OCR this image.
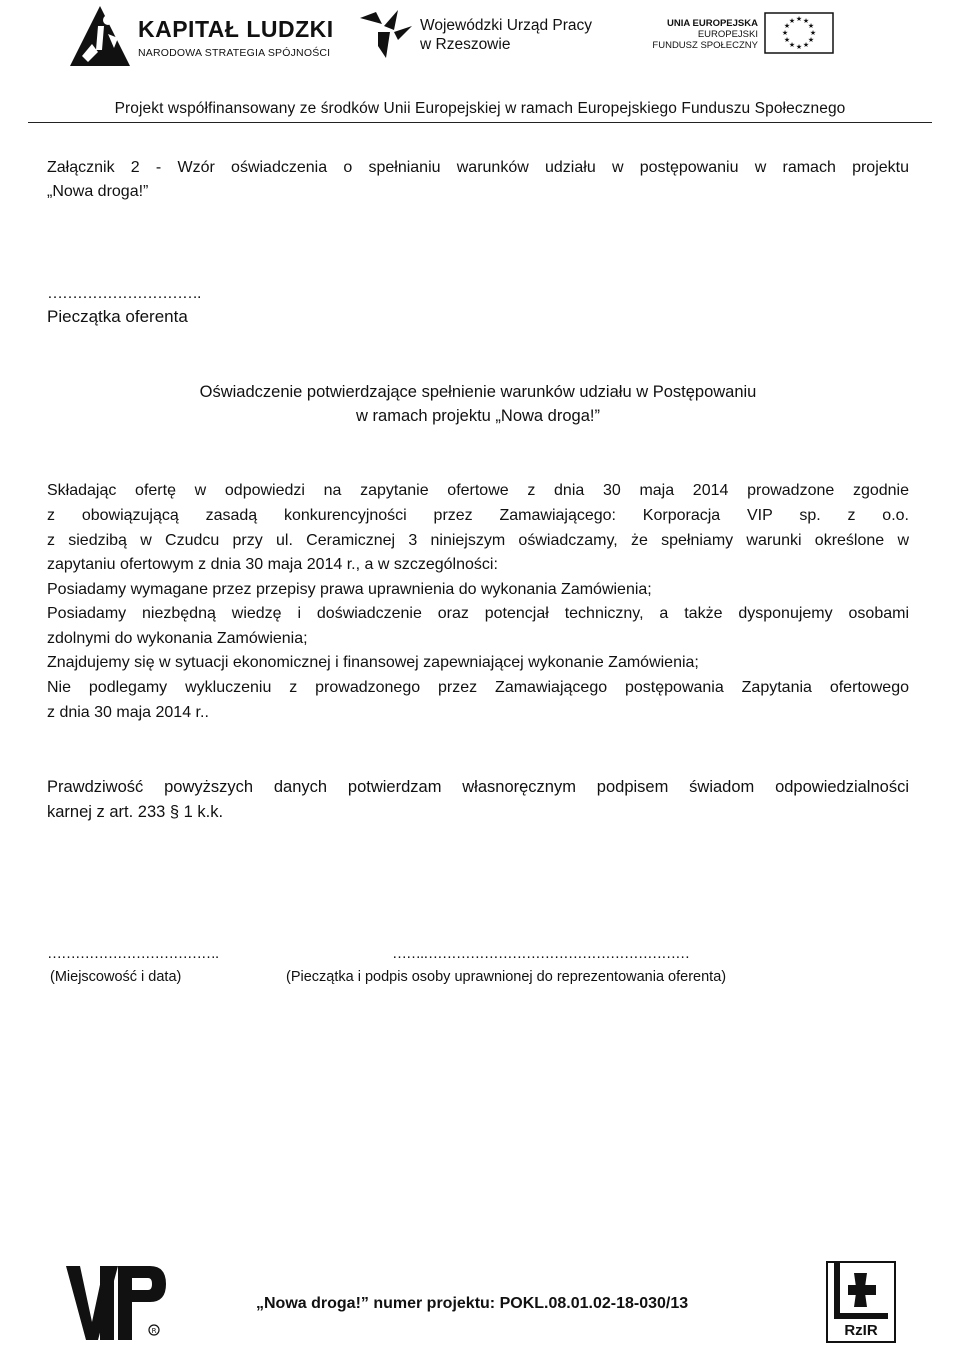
KAPITAŁ LUDZKI
NARODOWA STRATEGIA SPÓJNOŚCI
Wojewódzki Urząd Pracy
w Rzeszowie
UNIA EUROPEJSKA
EUROPEJSKI
FUNDUSZ SPOŁECZNY
★ ★
★
★
★
★
★
★
★
★
★
★
Projekt współfinansowany ze środków Unii Europejskiej w ramach Europejskiego Funduszu Społecznego
Załącznik 2 - Wzór oświadczenia o spełnianiu warunków udziału w postępowaniu w ramach projektu
„Nowa droga!”
………………………….
Pieczątka oferenta
Oświadczenie potwierdzające spełnienie warunków udziału w Postępowaniu
w ramach projektu „Nowa droga!”
Składając ofertę w odpowiedzi na zapytanie ofertowe z dnia 30 maja 2014 prowadzone zgodnie
z obowiązującą zasadą konkurencyjności przez Zamawiającego: Korporacja VIP sp. z o.o.
z siedzibą w Czudcu przy ul. Ceramicznej 3 niniejszym oświadczamy, że spełniamy warunki określone w
zapytaniu ofertowym z dnia 30 maja 2014 r., a w szczególności:
Posiadamy wymagane przez przepisy prawa uprawnienia do wykonania Zamówienia;
Posiadamy niezbędną wiedzę i doświadczenie oraz potencjał techniczny, a także dysponujemy osobami
zdolnymi do wykonania Zamówienia;
Znajdujemy się w sytuacji ekonomicznej i finansowej zapewniającej wykonanie Zamówienia;
Nie podlegamy wykluczeniu z prowadzonego przez Zamawiającego postępowania Zapytania ofertowego
z dnia 30 maja 2014 r..
Prawdziwość powyższych danych potwierdzam własnoręcznym podpisem świadom odpowiedzialności
karnej z art. 233 § 1 k.k.
……………………………….
(Miejscowość i data)
…….…………………………………………………
(Pieczątka i podpis osoby uprawnionej do reprezentowania oferenta)
R
„Nowa droga!” numer projektu: POKL.08.01.02-18-030/13
RzIR
